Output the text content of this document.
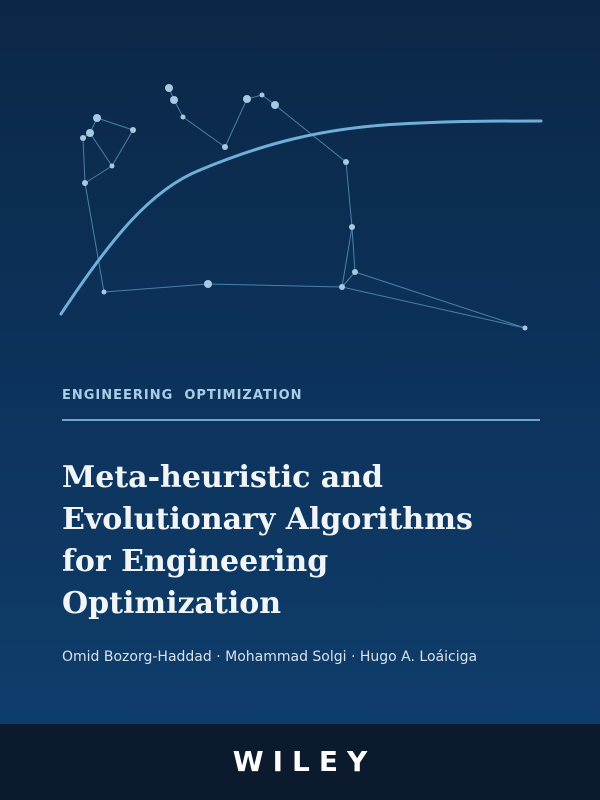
ENGINEERING  OPTIMIZATION
Meta-heuristic and
Evolutionary Algorithms
for Engineering
Optimization
Omid Bozorg-Haddad · Mohammad Solgi · Hugo A. Loáiciga
WILEY
